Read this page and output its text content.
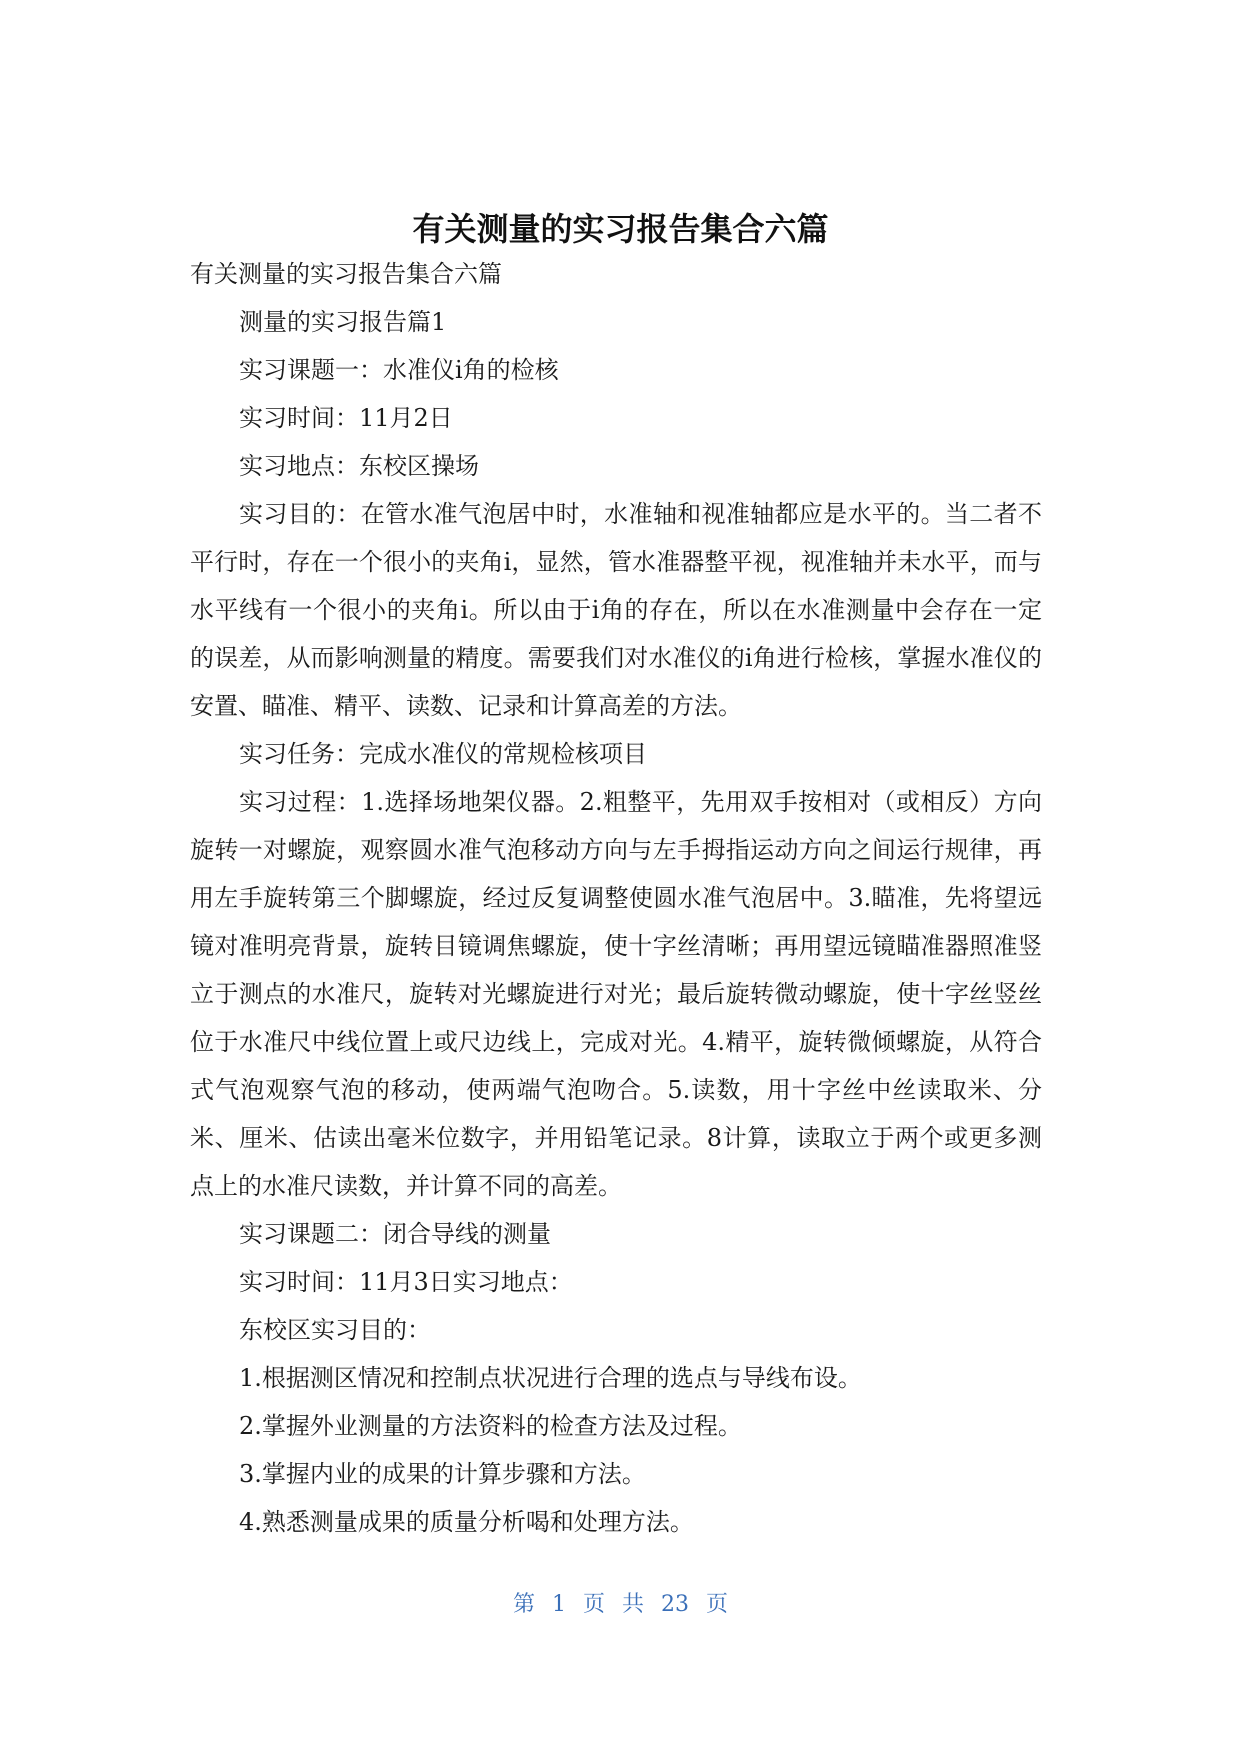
有关测量的实习报告集合六篇

有关测量的实习报告集合六篇

测量的实习报告篇1

实习课题一：水准仪i角的检核

实习时间：11月2日

实习地点：东校区操场

实习目的：在管水准气泡居中时，水准轴和视准轴都应是水平的。当二者不平行时，存在一个很小的夹角i，显然，管水准器整平视，视准轴并未水平，而与水平线有一个很小的夹角i。所以由于i角的存在，所以在水准测量中会存在一定的误差，从而影响测量的精度。需要我们对水准仪的i角进行检核，掌握水准仪的安置、瞄准、精平、读数、记录和计算高差的方法。

实习任务：完成水准仪的常规检核项目

实习过程：1.选择场地架仪器。2.粗整平，先用双手按相对（或相反）方向旋转一对螺旋，观察圆水准气泡移动方向与左手拇指运动方向之间运行规律，再用左手旋转第三个脚螺旋，经过反复调整使圆水准气泡居中。3.瞄准，先将望远镜对准明亮背景，旋转目镜调焦螺旋，使十字丝清晰；再用望远镜瞄准器照准竖立于测点的水准尺，旋转对光螺旋进行对光；最后旋转微动螺旋，使十字丝竖丝位于水准尺中线位置上或尺边线上，完成对光。4.精平，旋转微倾螺旋，从符合式气泡观察气泡的移动，使两端气泡吻合。5.读数，用十字丝中丝读取米、分米、厘米、估读出毫米位数字，并用铅笔记录。8计算，读取立于两个或更多测点上的水准尺读数，并计算不同的高差。

实习课题二：闭合导线的测量

实习时间：11月3日实习地点：

东校区实习目的：

1.根据测区情况和控制点状况进行合理的选点与导线布设。

2.掌握外业测量的方法资料的检查方法及过程。

3.掌握内业的成果的计算步骤和方法。

4.熟悉测量成果的质量分析喝和处理方法。

第 1 页 共 23 页
